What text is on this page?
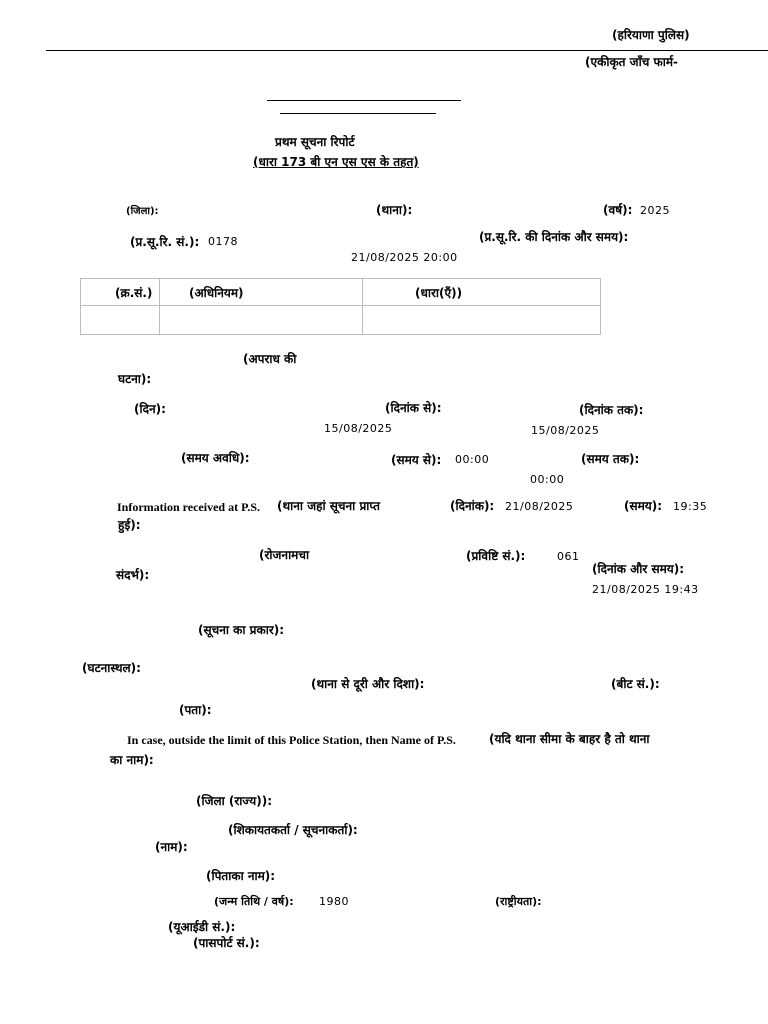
(हरियाणा पुलिस)
(एकीकृत जाँच फार्म-
प्रथम सूचना रिपोर्ट
(धारा 173 बी एन एस एस के तहत)
(जिला):	(थाना):	(वर्ष): 2025
(प्र.सू.रि. सं.): 0178	(प्र.सू.रि. की दिनांक और समय):
21/08/2025 20:00
(क्र.सं.)	(अधिनियम)	(धारा(एँ))

(अपराध की
घटना):
(दिन):	(दिनांक से):
15/08/2025
(दिनांक तक):
15/08/2025
(समय अवधि):	(समय से): 00:00	(समय तक):
00:00
Information received at P.S. (थाना जहां सूचना प्राप्त
हुई):
(दिनांक): 21/08/2025	(समय): 19:35
(रोजनामचा
संदर्भ):
(प्रविष्टि सं.):	061
(दिनांक और समय):
21/08/2025 19:43
(सूचना का प्रकार):
(घटनास्थल):
(थाना से दूरी और दिशा):	(बीट सं.):
(पता):
In case, outside the limit of this Police Station, then Name of P.S.	(यदि थाना सीमा के बाहर है तो थाना
का नाम):
(जिला (राज्य)):
(शिकायतकर्ता / सूचनाकर्ता):
(नाम):
(पिताका नाम):
(जन्म तिथि / वर्ष): 1980	(राष्ट्रीयता):
(यूआईडी सं.):
(पासपोर्ट सं.):
